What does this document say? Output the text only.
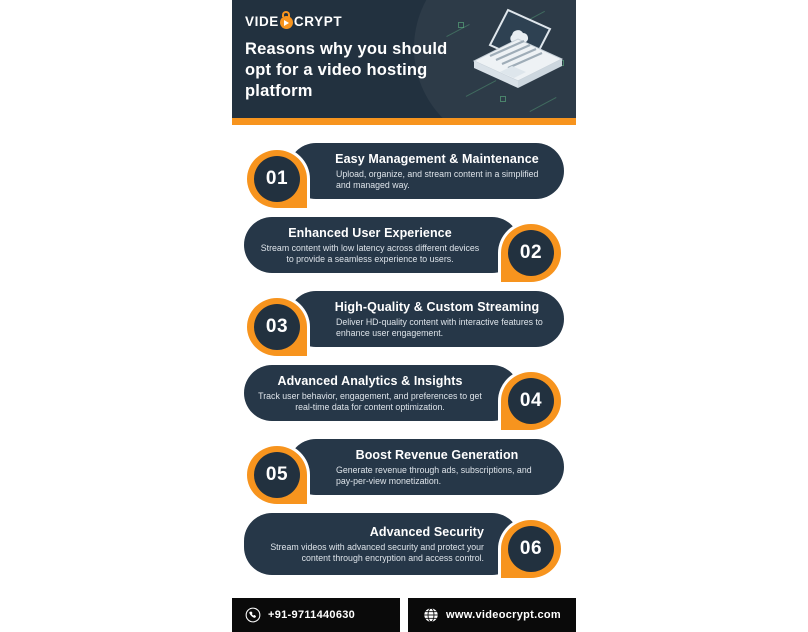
VIDE CRYPT
Reasons why you should
opt for a video hosting
platform
Easy Management & Maintenance
Upload, organize, and stream content in a simplified and managed way.
01
Enhanced User Experience
Stream content with low latency across different devices to provide a seamless experience to users.	02
High-Quality & Custom Streaming
Deliver HD-quality content with interactive features to enhance user engagement.
03
Advanced Analytics & Insights
Track user behavior, engagement, and preferences to get real-time data for content optimization.	04
Boost Revenue Generation
Generate revenue through ads, subscriptions, and pay-per-view monetization.
05
Advanced Security
Stream videos with advanced security and protect your content through encryption and access control.	06
+91-9711440630	www.videocrypt.com
